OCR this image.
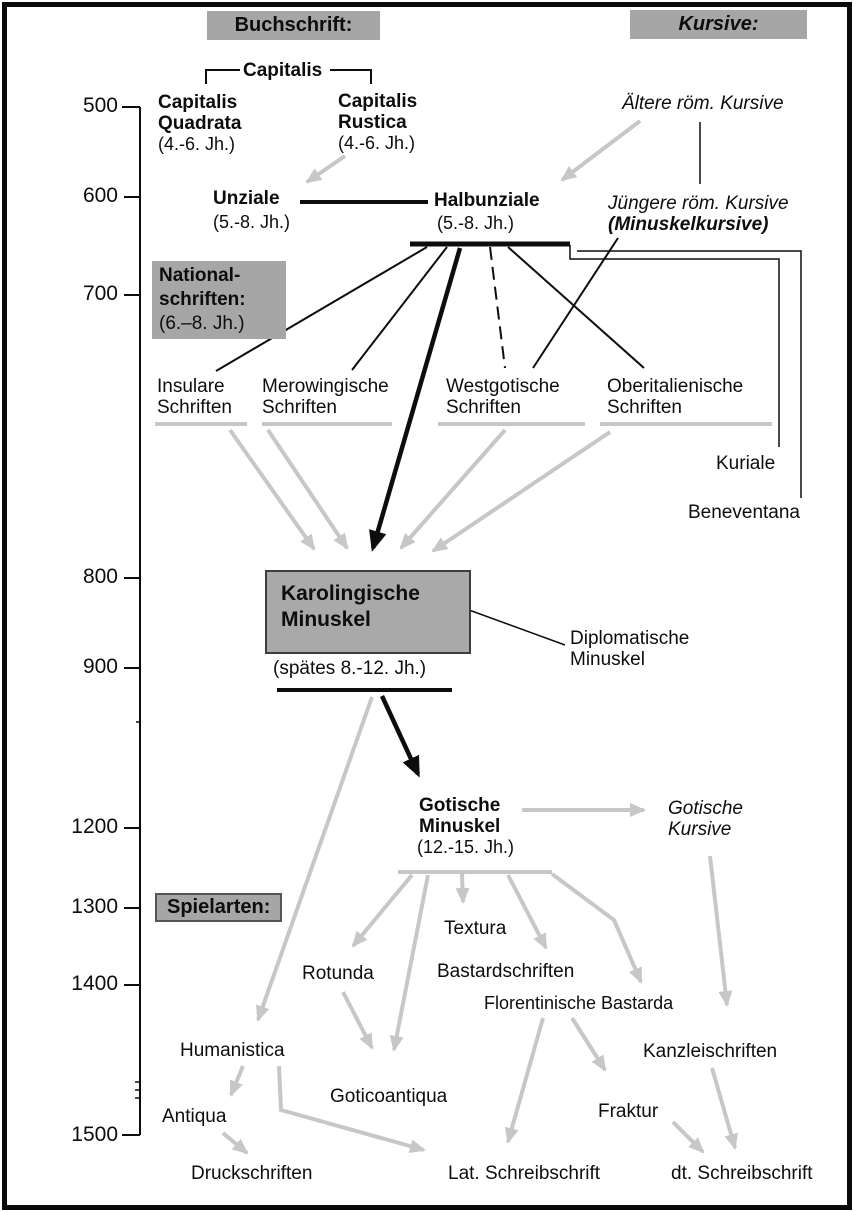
Buchschrift:	Kursive:
500
600
700
800
900
1200
1300
1400
1500
Capitalis
Capitalis
Quadrata
(4.-6. Jh.)
Capitalis
Rustica
(4.-6. Jh.)
Ältere röm. Kursive
Unziale
(5.-8. Jh.)
Halbunziale
(5.-8. Jh.)
Jüngere röm. Kursive
(Minuskelkursive)
National-
schriften:
(6.–8. Jh.)
Insulare
Schriften
Merowingische
Schriften
Westgotische
Schriften
Oberitalienische
Schriften
Kuriale
Beneventana
Karolingische
Minuskel
(spätes 8.-12. Jh.)
Diplomatische
Minuskel
Gotische
Minuskel
(12.-15. Jh.)
Gotische
Kursive
Spielarten:
Textura
Rotunda	Bastardschriften
Florentinische Bastarda
Humanistica
Antiqua
Goticoantiqua
Druckschriften	Lat. Schreibschrift
Kanzleischriften
Fraktur
dt. Schreibschrift
